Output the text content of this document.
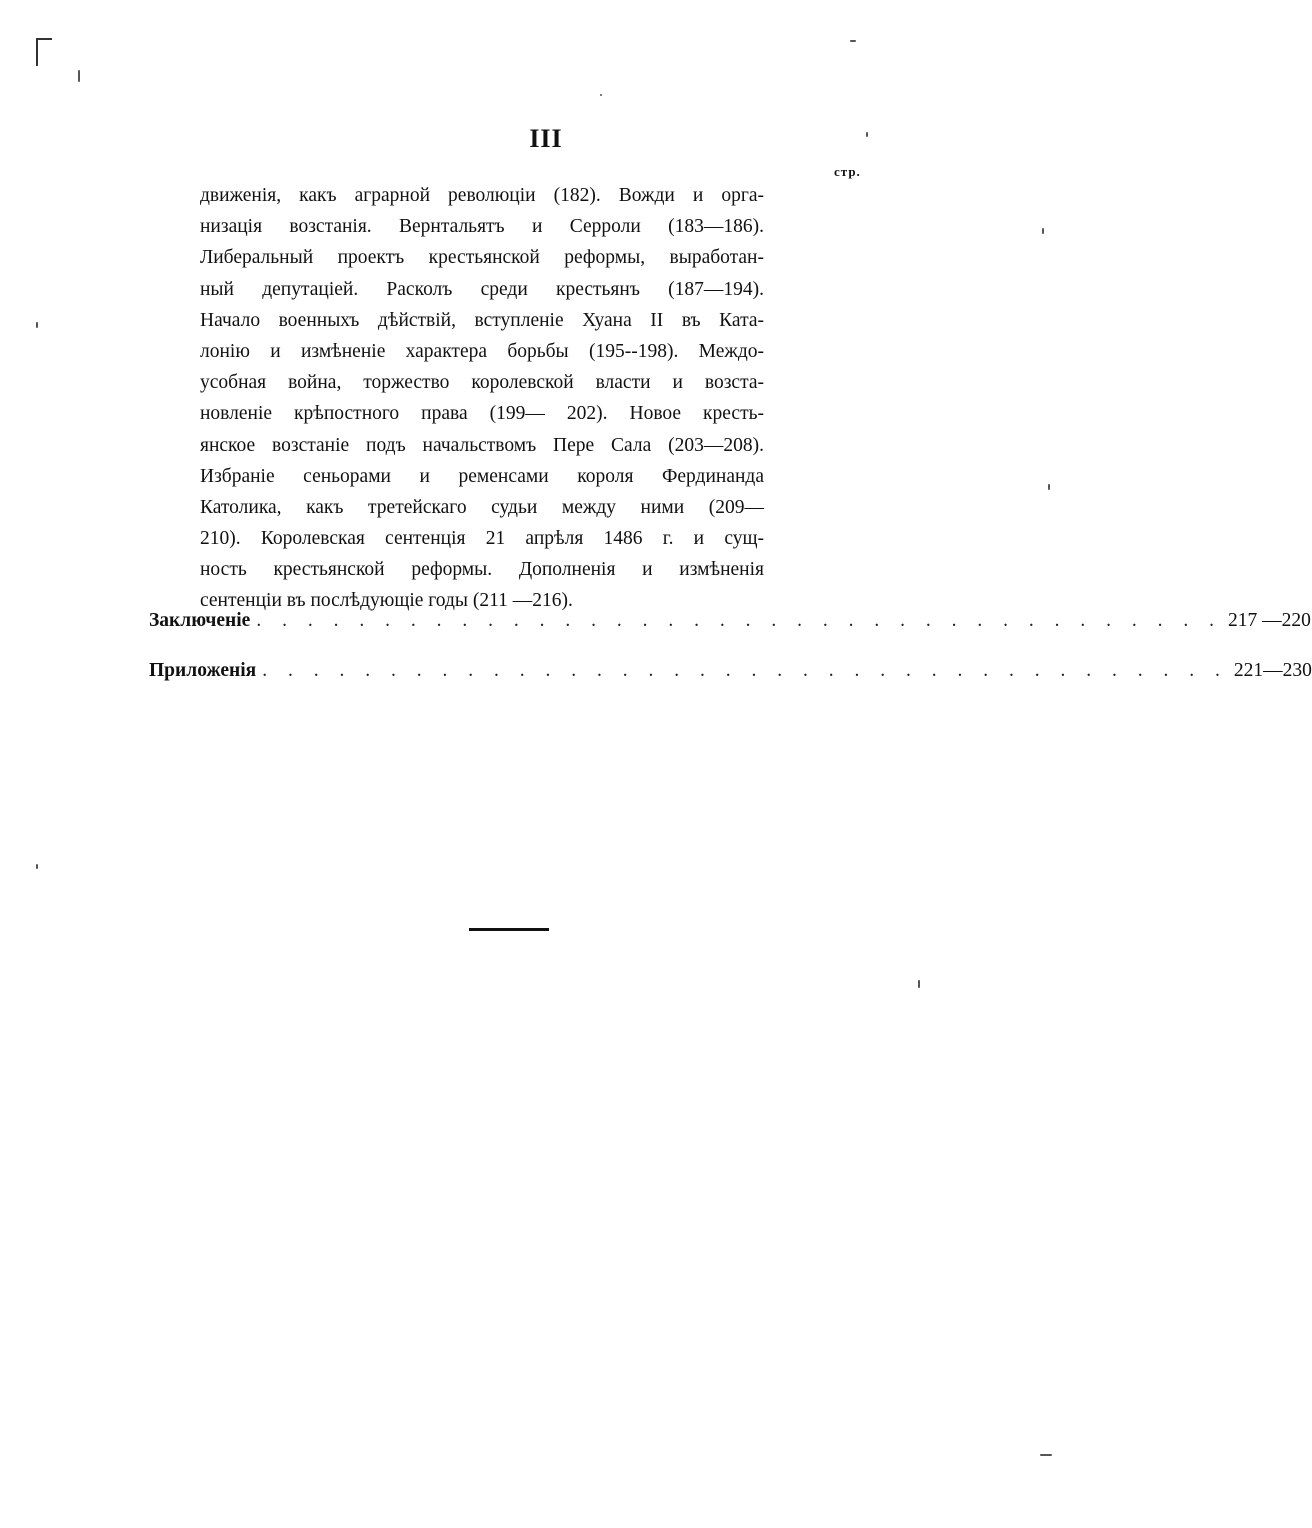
III
стр.
движенія, какъ аграрной революціи (182). Вожди и орга-
низація возстанія. Вернтальятъ и Серроли (183—186).
Либеральный проектъ крестьянской реформы, выработан-
ный депутаціей. Расколъ среди крестьянъ (187—194).
Начало военныхъ дѣйствій, вступленіе Хуана II въ Ката-
лонію и измѣненіе характера борьбы (195--198). Междо-
усобная война, торжество королевской власти и возста-
новленіе крѣпостного права (199— 202). Новое кресть-
янское возстаніе подъ начальствомъ Пере Сала (203—208).
Избраніе сеньорами и ременсами короля Фердинанда
Католика, какъ третейскаго судьи между ними (209—
210). Королевская сентенція 21 апрѣля 1486 г. и сущ-
ность крестьянской реформы. Дополненія и измѣненія
сентенціи въ послѣдующіе годы (211 —216).
Заключеніе . . . . . . . . . . . . . . . . . . . . . . . . . . . . . . . . . . . . . . 217 —220
Приложенія . . . . . . . . . . . . . . . . . . . . . . . . . . . . . . . . . . . . . . 221—230
